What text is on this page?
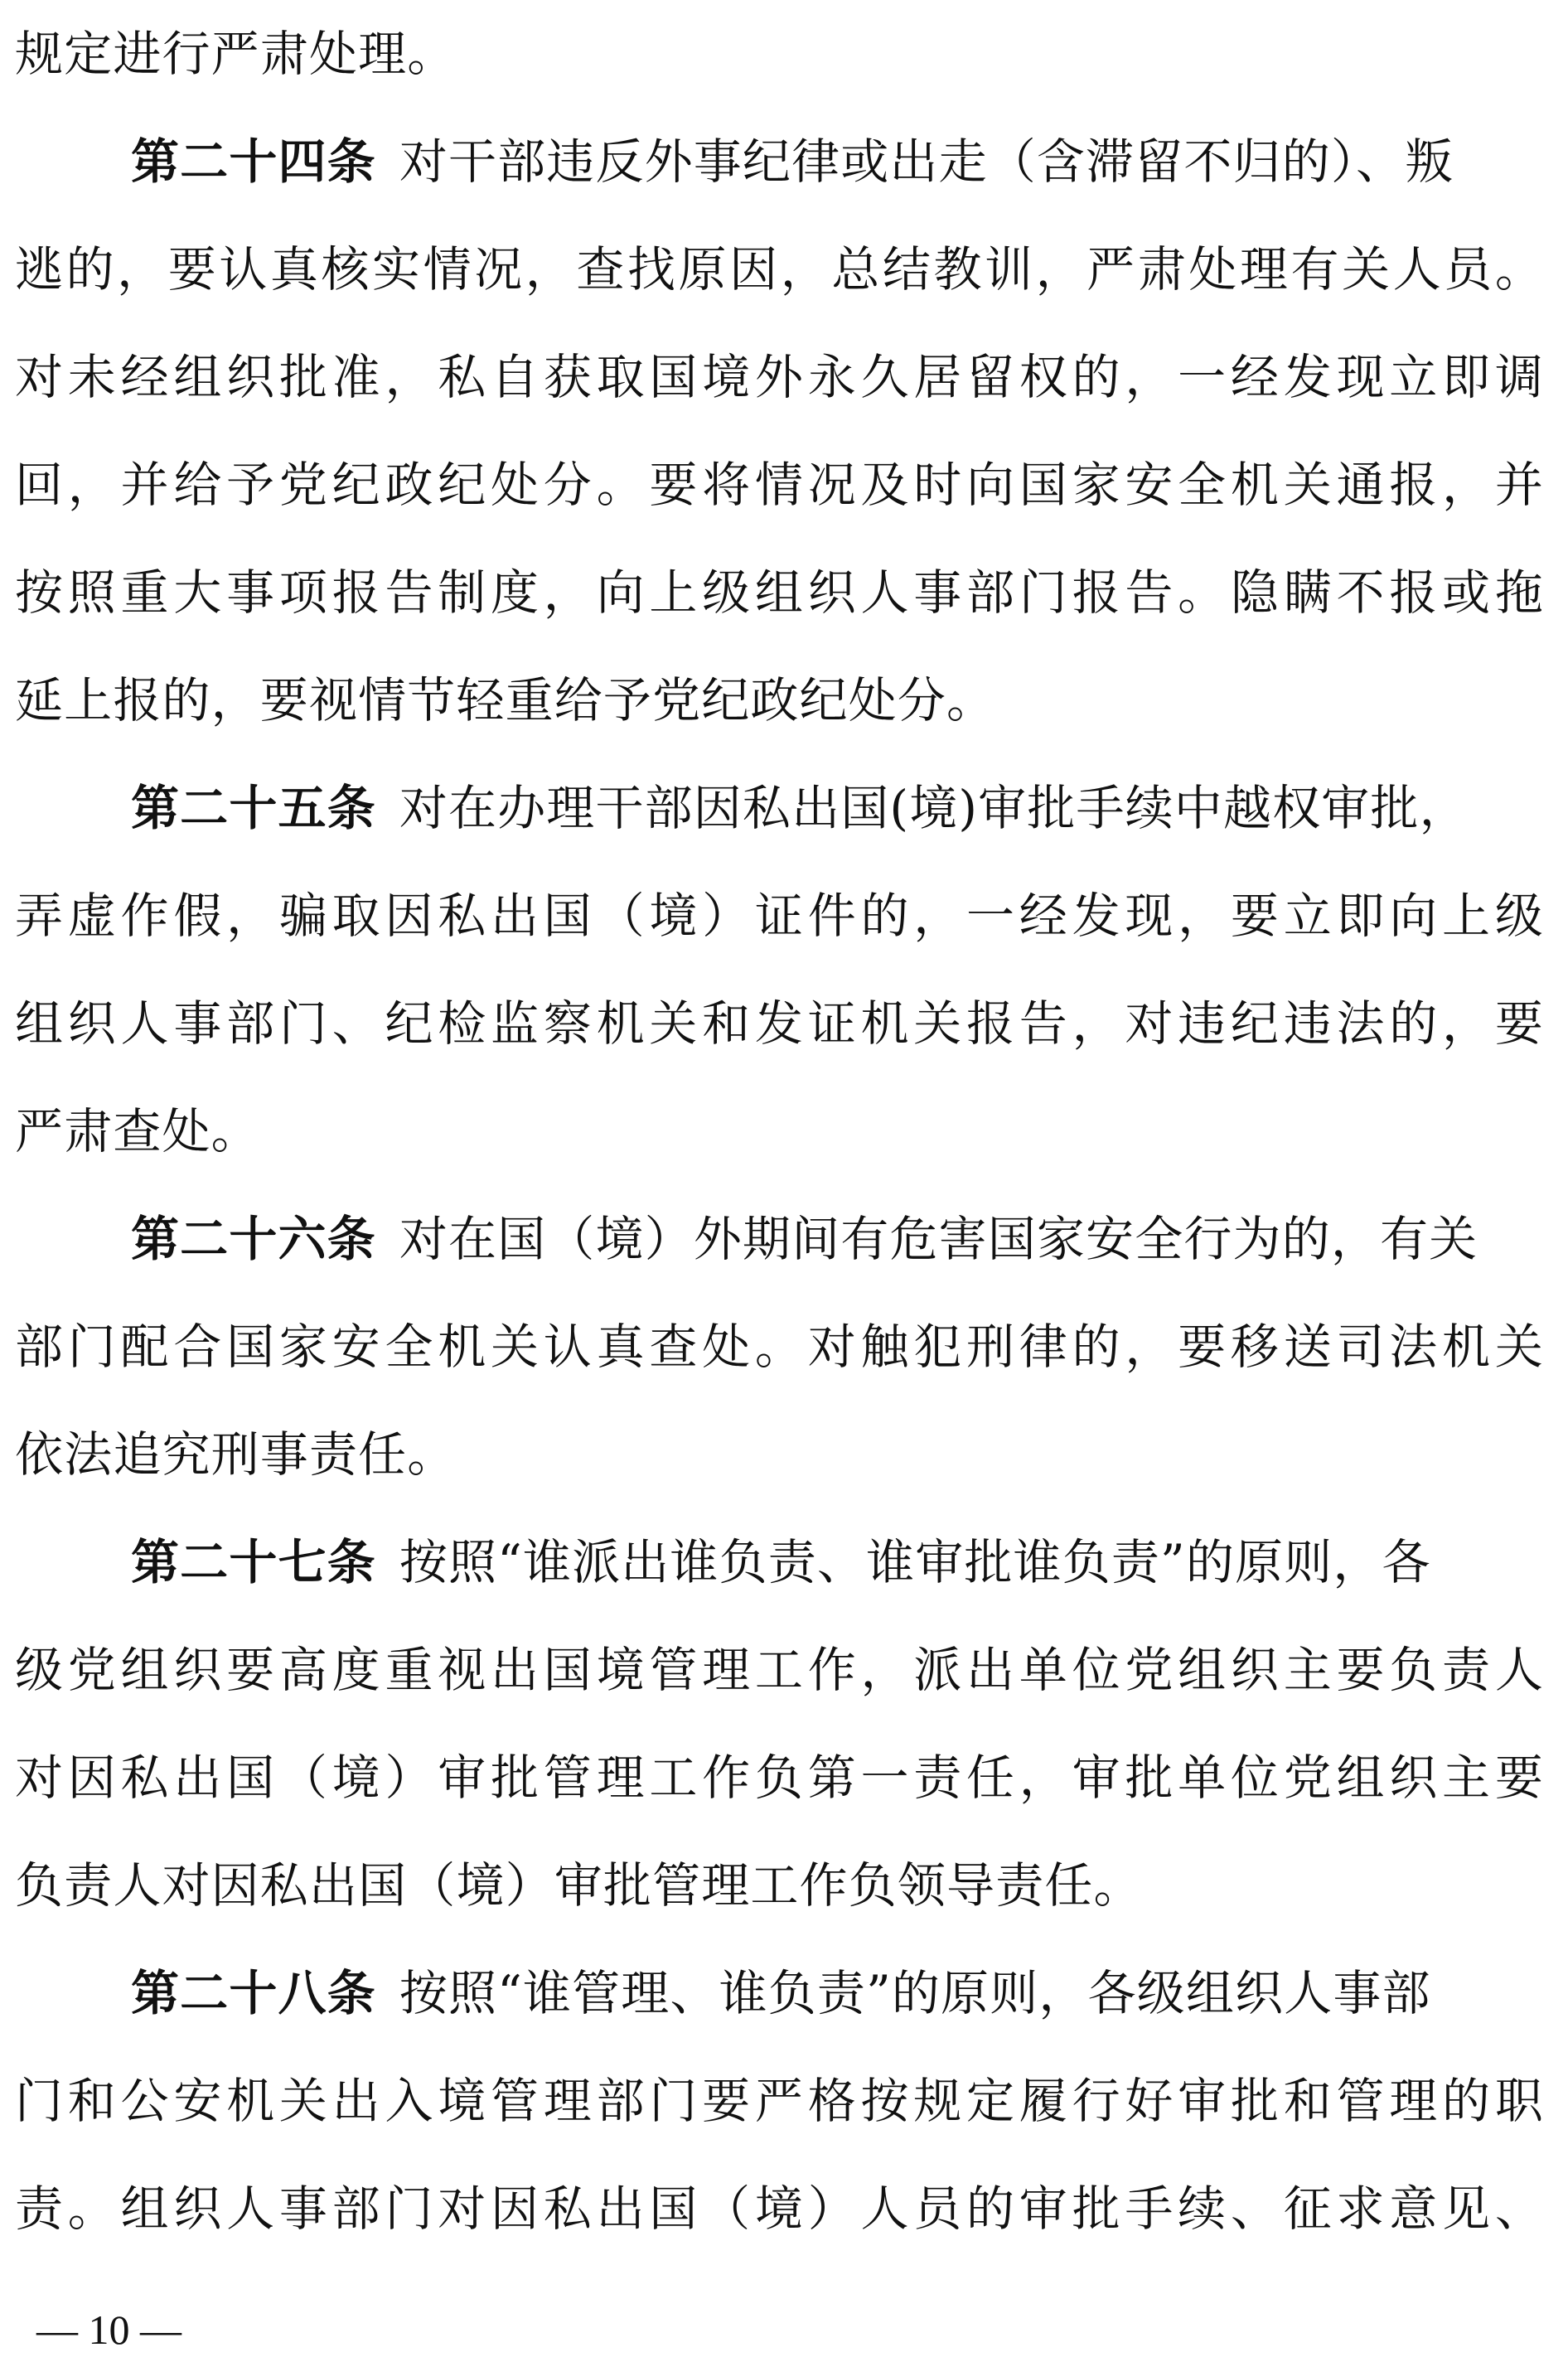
规定进行严肃处理。
第二十四条 对干部违反外事纪律或出走（含滞留不归的）、叛
逃的，要认真核实情况，查找原因，总结教训，严肃处理有关人员。
对未经组织批准，私自获取国境外永久居留权的，一经发现立即调
回，并给予党纪政纪处分。要将情况及时向国家安全机关通报，并
按照重大事项报告制度，向上级组织人事部门报告。隐瞒不报或拖
延上报的，要视情节轻重给予党纪政纪处分。
第二十五条 对在办理干部因私出国(境)审批手续中越权审批，
弄虚作假，骗取因私出国（境）证件的，一经发现，要立即向上级
组织人事部门、纪检监察机关和发证机关报告，对违纪违法的，要
严肃查处。
第二十六条 对在国（境）外期间有危害国家安全行为的，有关
部门配合国家安全机关认真查处。对触犯刑律的，要移送司法机关
依法追究刑事责任。
第二十七条 按照“谁派出谁负责、谁审批谁负责”的原则，各
级党组织要高度重视出国境管理工作，派出单位党组织主要负责人
对因私出国（境）审批管理工作负第一责任，审批单位党组织主要
负责人对因私出国（境）审批管理工作负领导责任。
第二十八条 按照“谁管理、谁负责”的原则，各级组织人事部
门和公安机关出入境管理部门要严格按规定履行好审批和管理的职
责。组织人事部门对因私出国（境）人员的审批手续、征求意见、
— 10 —
